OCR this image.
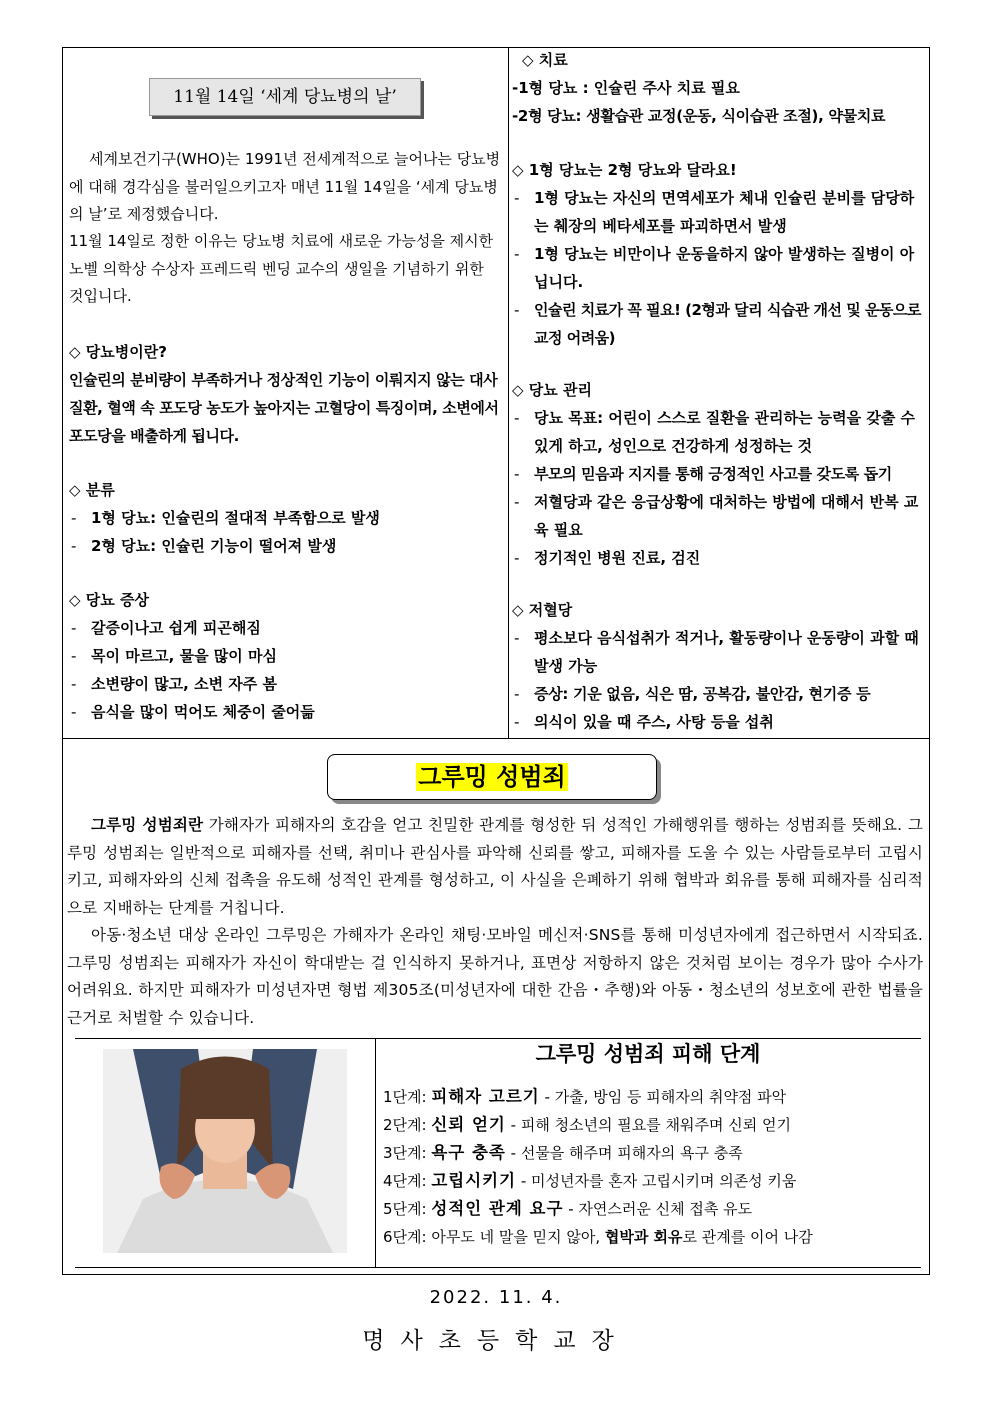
11월 14일 ‘세계 당뇨병의 날’
세계보건기구(WHO)는 1991년 전세계적으로 늘어나는 당뇨병에 대해 경각심을 불러일으키고자 매년 11월 14일을 ‘세계 당뇨병의 날’로 제정했습니다.
11월 14일로 정한 이유는 당뇨병 치료에 새로운 가능성을 제시한 노벨 의학상 수상자 프레드릭 벤딩 교수의 생일을 기념하기 위한 것입니다.
◇ 당뇨병이란?
인슐린의 분비량이 부족하거나 정상적인 기능이 이뤄지지 않는 대사질환, 혈액 속 포도당 농도가 높아지는 고혈당이 특징이며, 소변에서 포도당을 배출하게 됩니다.
◇ 분류
- 1형 당뇨: 인슐린의 절대적 부족함으로 발생
- 2형 당뇨: 인슐린 기능이 떨어져 발생
◇ 당뇨 증상
- 갈증이나고 쉽게 피곤해짐
- 목이 마르고, 물을 많이 마심
- 소변량이 많고, 소변 자주 봄
- 음식을 많이 먹어도 체중이 줄어듦
◇ 치료
-1형 당뇨 : 인슐린 주사 치료 필요
-2형 당뇨: 생활습관 교정(운동, 식이습관 조절), 약물치료
◇ 1형 당뇨는 2형 당뇨와 달라요!
- 1형 당뇨는 자신의 면역세포가 체내 인슐린 분비를 담당하는 췌장의 베타세포를 파괴하면서 발생
- 1형 당뇨는 비만이나 운동을하지 않아 발생하는 질병이 아닙니다.
- 인슐린 치료가 꼭 필요! (2형과 달리 식습관 개선 및 운동으로 교정 어려움)
◇ 당뇨 관리
- 당뇨 목표: 어린이 스스로 질환을 관리하는 능력을 갖출 수 있게 하고, 성인으로 건강하게 성정하는 것
- 부모의 믿음과 지지를 통해 긍정적인 사고를 갖도록 돕기
- 저혈당과 같은 응급상황에 대처하는 방법에 대해서 반복 교육 필요
- 정기적인 병원 진료, 검진
◇ 저혈당
- 평소보다 음식섭취가 적거나, 활동량이나 운동량이 과할 때 발생 가능
- 증상: 기운 없음, 식은 땀, 공복감, 불안감, 현기증 등
- 의식이 있을 때 주스, 사탕 등을 섭취
그루밍 성범죄
그루밍 성범죄란 가해자가 피해자의 호감을 얻고 친밀한 관계를 형성한 뒤 성적인 가해행위를 행하는 성범죄를 뜻해요. 그루밍 성범죄는 일반적으로 피해자를 선택, 취미나 관심사를 파악해 신뢰를 쌓고, 피해자를 도울 수 있는 사람들로부터 고립시키고, 피해자와의 신체 접촉을 유도해 성적인 관계를 형성하고, 이 사실을 은폐하기 위해 협박과 회유를 통해 피해자를 심리적으로 지배하는 단계를 거칩니다.
아동·청소년 대상 온라인 그루밍은 가해자가 온라인 채팅·모바일 메신저·SNS를 통해 미성년자에게 접근하면서 시작되죠. 그루밍 성범죄는 피해자가 자신이 학대받는 걸 인식하지 못하거나, 표면상 저항하지 않은 것처럼 보이는 경우가 많아 수사가 어려워요. 하지만 피해자가 미성년자면 형법 제305조(미성년자에 대한 간음・추행)와 아동・청소년의 성보호에 관한 법률을 근거로 처벌할 수 있습니다.
그루밍 성범죄 피해 단계
1단계: 피해자 고르기 - 가출, 방임 등 피해자의 취약점 파악
2단계: 신뢰 얻기 - 피해 청소년의 필요를 채워주며 신뢰 얻기
3단계: 욕구 충족 - 선물을 해주며 피해자의 욕구 충족
4단계: 고립시키기 - 미성년자를 혼자 고립시키며 의존성 키움
5단계: 성적인 관계 요구 - 자연스러운 신체 접촉 유도
6단계: 아무도 네 말을 믿지 않아, 협박과 회유로 관계를 이어 나감
2022. 11. 4.
명사초등학교장
